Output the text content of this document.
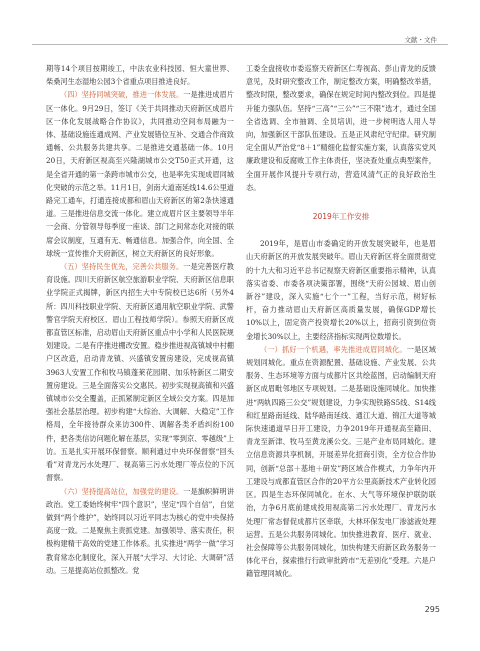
文献・文件

期等14个项目按期竣工，中法农业科技园、恒大童世界、柴桑河生态湿地公园3个省重点项目推进良好。

（四）坚持同城突破，推进一体发展。一是推进成眉片区一体化。9月29日，签订《关于共同推动天府新区成眉片区一体化发展战略合作协议》，共同推动空间布局融为一体、基础设施连通成网、产业发展错位互补、交通合作商致通畅、公共服务共建共享。二是推进交通基础一体。10月20日，天府新区视高至兴隆湖城市公交T50正式开通，这是全省开通的第一条跨市城市公交，也是率先实现成眉同城化突破的示范之举。11月1日，剑南大道南延线14.6公里道路完工通车，打通连接成都和眉山天府新区的第2条快速通道。三是推进信息交流一体化。建立成眉片区主要领导半年一会商、分管领导每季度一座谈、部门之间常态化对接的联席会议制度，互通有无、畅通信息。加强合作，向全国、全球统一宣传推介天府新区，树立天府新区的良好形象。

（五）坚持民生优先，完善公共服务。一是完善医疗教育设施。四川天府新区航空旅游职业学院、天府新区信息职业学院正式揭牌，新区内招生大中专院校已达6所（另外4所：四川科技职业学院、天府新区通用航空职业学院、武警警官学院天府校区、眉山工程技师学院）。参照天府新区成都直管区标准，启动眉山天府新区重点中小学和人民医院规划建设。二是有序推进棚改安置。稳步推进视高镇城中村棚户区改造，启动青龙镇、兴盛镇安置房建设，完成视高镇3963人安置工作和牧马镇蓬莱花园期、加乐特新区二期安置房建设。三是全面落实公交惠民。初步实现视高镇和兴盛镇城市公交全覆盖，正抓紧制定新区全域公交方案。四是加强社会基层治理。初步构建“大综治、大调解、大稳定”工作格局，全年接待群众来访300件、调解各类矛盾纠纷100件，把各类信访问题化解在基层，实现“零到京、零越级”上访。五是扎实开展环保督察。顺利通过中央环保督察“回头看”对青龙污水处理厂、视高第三污水处理厂等点位的下沉督察。

（六）坚持提高站位，加强党的建设。一是旗帜鲜明讲政治。党工委始终树牢“四个意识”，坚定“四个自信”，自觉做到“两个维护”，始终同以习近平同志为核心的党中央保持高度一致。二是聚焦主责抓党建。加强领导、落实责任，积极构建精干高效的党建工作体系。扎实推进“两学一做”学习教育常态化制度化，深入开展“大学习、大讨论、大调研”活动。三是提高站位抓整改。党

工委全盘接收市委巡察天府新区仁寿视高、彭山青龙的反馈意见，及时研究整改工作，制定整改方案，明确整改举措，整改时限，整改要求，确保在规定时间内整改到位。四是提升能力强队伍。坚持“三高”“三公”“三不限”选才，通过全国全省选调、全市抽调、全员培训，进一步树明选人用人导向，加强新区干部队伍建设。五是正风肃纪守纪律。研究制定全面从严治党“8＋1”精细化监督实施方案，认真落实党风廉政建设和反腐败工作主体责任，坚决查处重点典型案件，全面开展作风提升专项行动，营造风清气正的良好政治生态。

2019年工作安排

2019年，是眉山市委确定的开放发展突破年，也是眉山天府新区的开放发展突破年。眉山天府新区将全面贯彻党的十九大和习近平总书记视察天府新区重要指示精神，认真落实省委、市委各项决策部署，围绕“天府公园城、眉山创新谷”建设，深入实施“七个一”工程，当好示范，树好标杆，奋力推动眉山天府新区高质量发展，确保GDP增长10%以上，固定资产投资增长20%以上，招商引资到位资金增长30%以上，主要经济指标实现两位数增长。

（一）抓好一个机遇，率先推进成眉同城化。一是区域规划同城化。重点在资源配置、基础设施、产业发展、公共服务、生态环境等方面与成都片区共绘蓝图，启动编制天府新区成眉毗邻地区专项规划。二是基础设施同城化。加快推进“两轨四路三公交”规划建设，力争实现铁路S5线、S14线和红星路南延线、陆华路南延线、通江大道、锦江大道等城际快速通道早日开工建设，力争2019年开通视高至籍田、青龙至新津、牧马至黄龙溪公交。三是产业布局同城化。建立信息资源共享机制，开展差异化招商引资，全方位合作协同，创新“总部＋基地＋研发”跨区域合作模式，力争年内开工建设与成都直管区合作的20平方公里高新技术产业转化园区。四是生态环保同城化。在水、大气等环境保护联防联治，力争6月底前建成投用视高第二污水处理厂、青龙污水处理厂常态督促成都片区牵联，大林环保发电厂渗滤液处理运营。五是公共服务同城化。加快推进教育、医疗、就业、社会保障等公共服务同城化，加快构建天府新区政务服务一体化平台，探索推行行政审批跨市“无差别化”受理。六是户籍管理同城化。

295
